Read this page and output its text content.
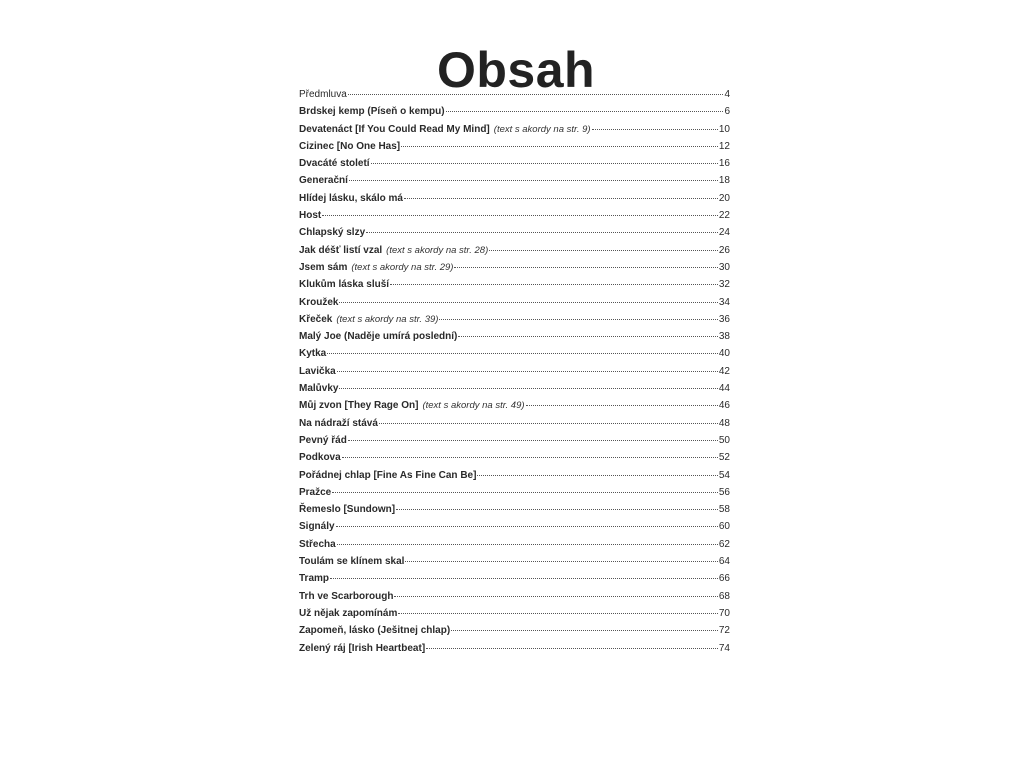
Obsah
Předmluva	4
Brdskej kemp (Píseň o kempu)	6
Devatenáct [If You Could Read My Mind] ( text s akordy na str. 9 )	10
Cizinec [No One Has]	12
Dvacáté století	16
Generační	18
Hlídej lásku, skálo má	20
Host	22
Chlapský slzy	24
Jak déšť listí vzal ( text s akordy na str. 28 )	26
Jsem sám ( text s akordy na str. 29 )	30
Klukům láska sluší	32
Kroužek	34
Křeček ( text s akordy na str. 39 )	36
Malý Joe (Naděje umírá poslední)	38
Kytka	40
Lavička	42
Malůvky	44
Můj zvon [They Rage On] ( text s akordy na str. 49 )	46
Na nádraží stává	48
Pevný řád	50
Podkova	52
Pořádnej chlap [Fine As Fine Can Be]	54
Pražce	56
Řemeslo [Sundown]	58
Signály	60
Střecha	62
Toulám se klínem skal	64
Tramp	66
Trh ve Scarborough	68
Už nějak zapomínám	70
Zapomeň, lásko (Ješitnej chlap)	72
Zelený ráj [Irish Heartbeat]	74
